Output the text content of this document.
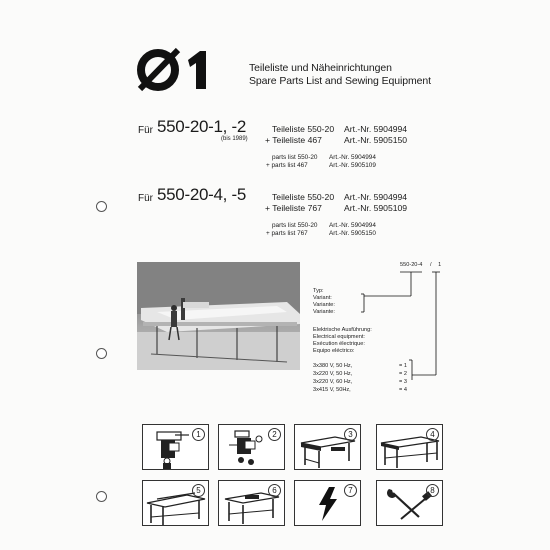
Teileliste und Näheinrichtungen
Spare Parts List and Sewing Equipment
Für 550-20-1, -2
(bis 1989)
Teileliste 550-20 Art.-Nr. 5904994
+ Teileliste 467	Art.-Nr. 5905150
parts list 550-20 Art.-Nr. 5904994
+ parts list 467	Art.-Nr. 5905109
Für 550-20-4, -5	Teileliste 550-20 Art.-Nr. 5904994
+ Teileliste 767	Art.-Nr. 5905109
parts list 550-20 Art.-Nr. 5904994
+ parts list 767	Art.-Nr. 5905150
550-20-4 / 1
Typ:
Variant:
Variante:
Variante:
Elektrische Ausführung:
Electrical equipment:
Exécution électrique:
Equipo eléctrico:
3x380 V, 50 Hz,	= 1
3x220 V, 50 Hz,	= 2
3x220 V, 60 Hz,	= 3
3x415 V, 50Hz,	= 4
1	2	3	4
5	6	7	8
